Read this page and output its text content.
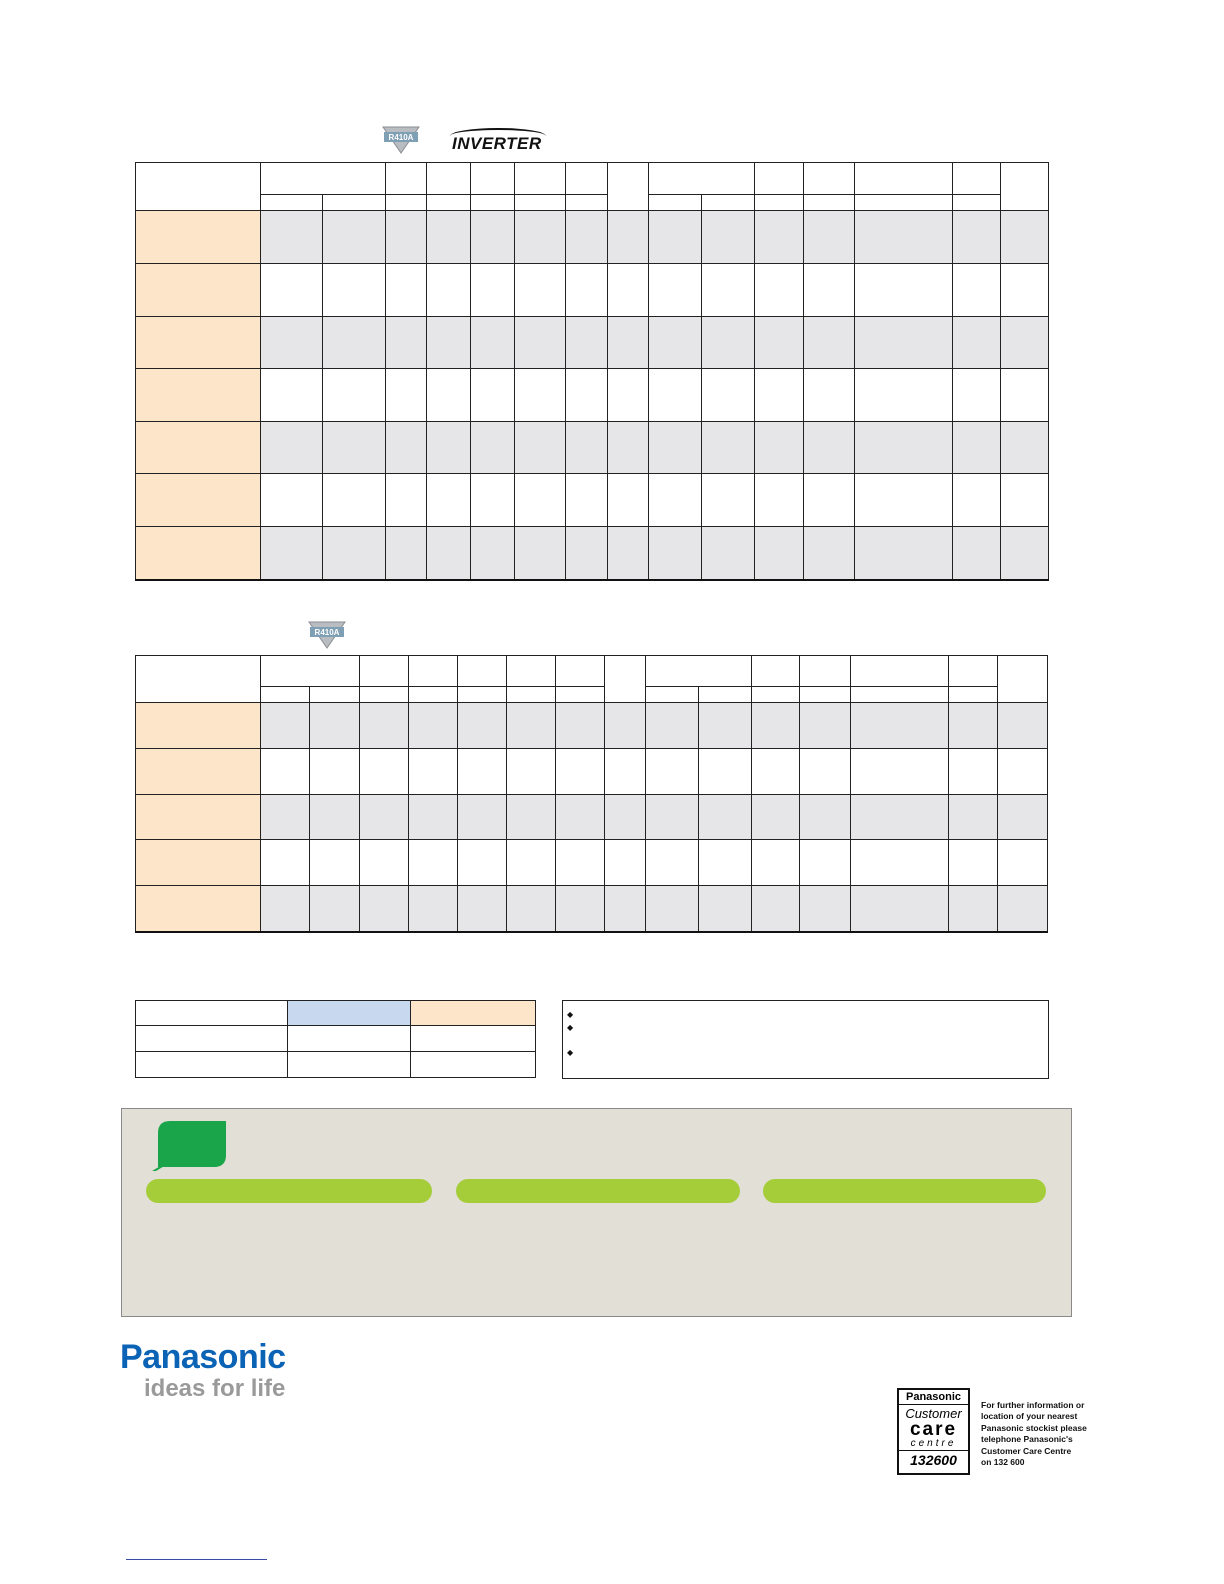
R410A INVERTER

R410A

◆
◆
◆
Panasonic
ideas for life	Panasonic
Customer
care
centre
132600
For further information or
location of your nearest
Panasonic stockist please
telephone Panasonic's
Customer Care Centre
on 132 600
